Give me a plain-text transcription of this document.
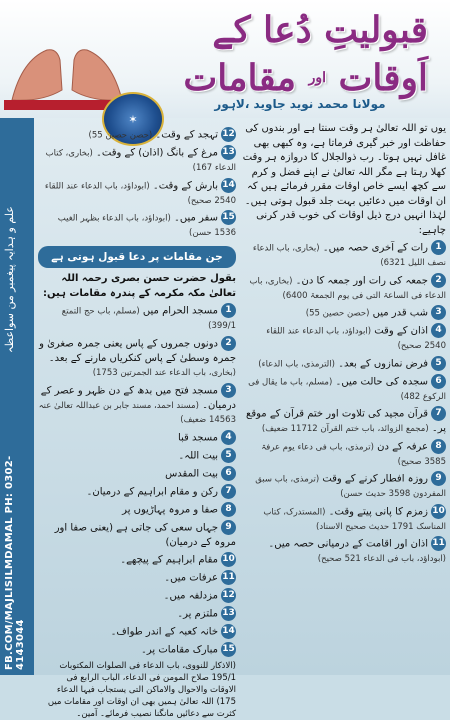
قبولیتِ دُعا کے اَوقات $^{اور}$ مقامات
مولانا محمد نوید جاوید ،لاہور
✶
علم و ہدایہ پیغمبر من سواعظہ
FB.COM/MAJLISILMDAMAL PH: 0302-4143044

یوں تو اللہ تعالیٰ ہر وقت سنتا ہے اور بندوں کی حفاظت اور خبر گیری فرماتا ہے، وہ کبھی بھی غافل نہیں ہوتا۔ رب ذوالجلال کا دروازہ ہر وقت کھلا رہتا ہے مگر اللہ تعالیٰ نے اپنے فضل و کرم سے کچھ ایسے خاص اوقات مقرر فرمائے ہیں کہ ان اوقات میں دعائیں بہت جلد قبول ہوتی ہیں۔ لہٰذا انہیں درج ذیل اوقات کی خوب قدر کرنی چاہیے:

1رات کے آخری حصہ میں۔ (بخاری، باب الدعاء نصف اللیل 6321)
2جمعہ کی رات اور جمعہ کا دن۔ (بخاری، باب الدعاء فی الساعۃ التی فی یوم الجمعۃ 6400)
3شب قدر میں (حصن حصین 55)
4اذان کے وقت (ابوداؤد، باب الدعاء عند اللقاء 2540 صحیح)
5فرض نمازوں کے بعد۔ (الترمذی، باب الدعاء)
6سجدہ کی حالت میں۔ (مسلم، باب ما یقال فی الرکوع 482)
7قرآن مجید کی تلاوت اور ختم قرآن کے موقع پر۔ (مجمع الزوائد، باب ختم القرآن 11712 ضعیف)
8عرفہ کے دن (ترمذی، باب فی دعاء یوم عرفۃ 3585 صحیح)
9روزہ افطار کرنے کے وقت (ترمذی، باب سبق المفردون 3598 حدیث حسن)
10زمزم کا پانی پیتے وقت۔ (المستدرک، کتاب المناسک 1791 حدیث صحیح الاسناد)
11اذان اور اقامت کے درمیانی حصہ میں۔ (ابوداؤد، باب فی الدعاء 521 صحیح)
12تہجد کے وقت۔ (حصن حصین 55)
13مرغ کے بانگ (اذان) کے وقت۔ (بخاری، کتاب الدعاء 167)
14بارش کے وقت۔ (ابوداؤد، باب الدعاء عند اللقاء 2540 صحیح)
15سفر میں۔ (ابوداؤد، باب الدعاء بظہر الغیب 1536 حسن)
جن مقامات پر دعا قبول ہوتی ہے

بقول حضرت حسن بصری رحمہ اللہ تعالیٰ مکہ مکرمہ کے پندرہ مقامات ہیں:

1مسجد الحرام میں (مسلم، باب حج التمتع 399/1)
2دونوں جمروں کے پاس یعنی جمرہ صغریٰ و جمرہ وسطیٰ کے پاس کنکریاں مارنے کے بعد۔ (بخاری، باب الدعاء عند الجمرتین 1753)
3مسجد فتح میں بدھ کے دن ظہر و عصر کے درمیان۔ (مسند احمد، مسند جابر بن عبداللہ تعالیٰ عنہ 14563 ضعیف)
4مسجد قبا
5بیت اللہ۔
6بیت المقدس
7رکن و مقام ابراہیم کے درمیان۔
8صفا و مروہ پہاڑیوں پر
9جہاں سعی کی جاتی ہے (یعنی صفا اور مروہ کے درمیان)
10مقام ابراہیم کے پیچھے۔
11عرفات میں۔
12مزدلفہ میں۔
13ملتزم پر۔
14خانہ کعبہ کے اندر طواف۔
15مبارک مقامات پر۔

(الاذکار للنووی، باب الدعاء فی الصلوات المکتوبات 195/1 صلاح المومن فی الدعاء، الباب الرابع فی الاوقات والاحوال والاماکن التی یستجاب فیہا الدعاء 175) اللہ تعالیٰ ہمیں بھی ان اوقات اور مقامات میں کثرت سے دعائیں مانگنا نصیب فرمائے۔ آمین۔
